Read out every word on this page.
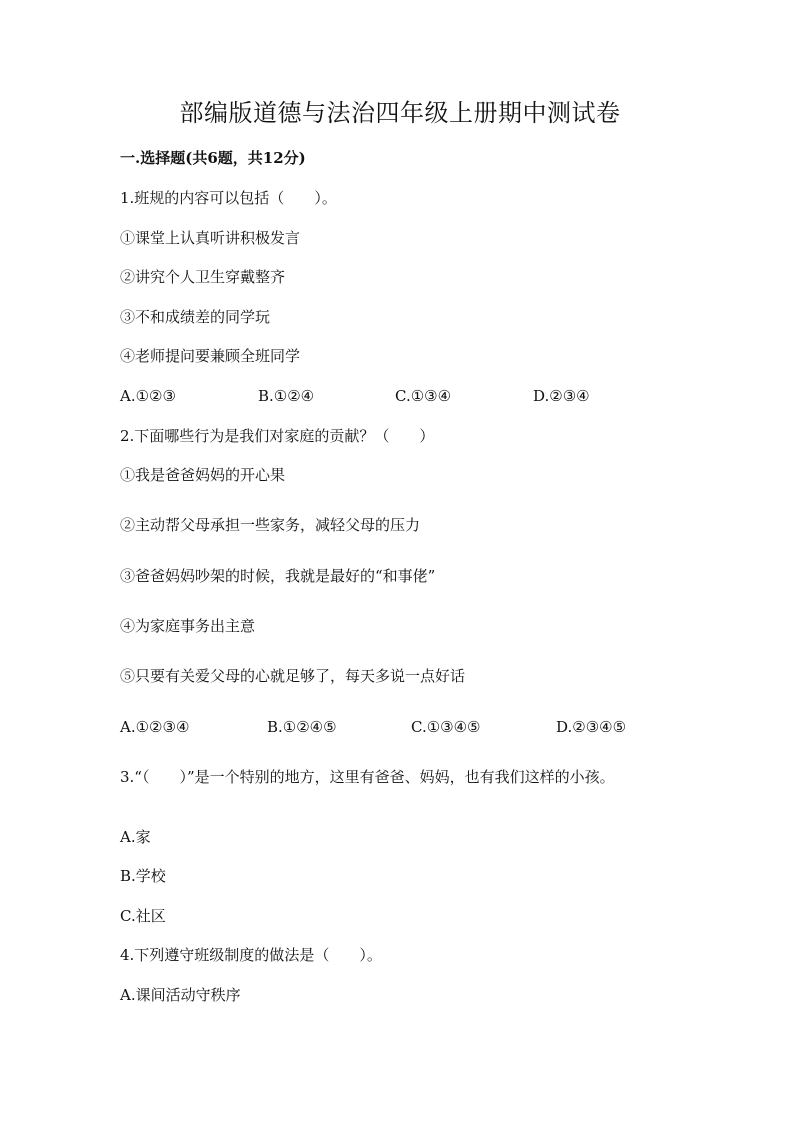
部编版道德与法治四年级上册期中测试卷
一.选择题(共6题，共12分)
1.班规的内容可以包括（　　）。
①课堂上认真听讲积极发言
②讲究个人卫生穿戴整齐
③不和成绩差的同学玩
④老师提问要兼顾全班同学
A.①②③	B.①②④	C.①③④	D.②③④
2.下面哪些行为是我们对家庭的贡献？（　　）
①我是爸爸妈妈的开心果
②主动帮父母承担一些家务，减轻父母的压力
③爸爸妈妈吵架的时候，我就是最好的“和事佬”
④为家庭事务出主意
⑤只要有关爱父母的心就足够了，每天多说一点好话
A.①②③④	B.①②④⑤	C.①③④⑤	D.②③④⑤
3.“（　　）”是一个特别的地方，这里有爸爸、妈妈，也有我们这样的小孩。
A.家
B.学校
C.社区
4.下列遵守班级制度的做法是（　　）。
A.课间活动守秩序
